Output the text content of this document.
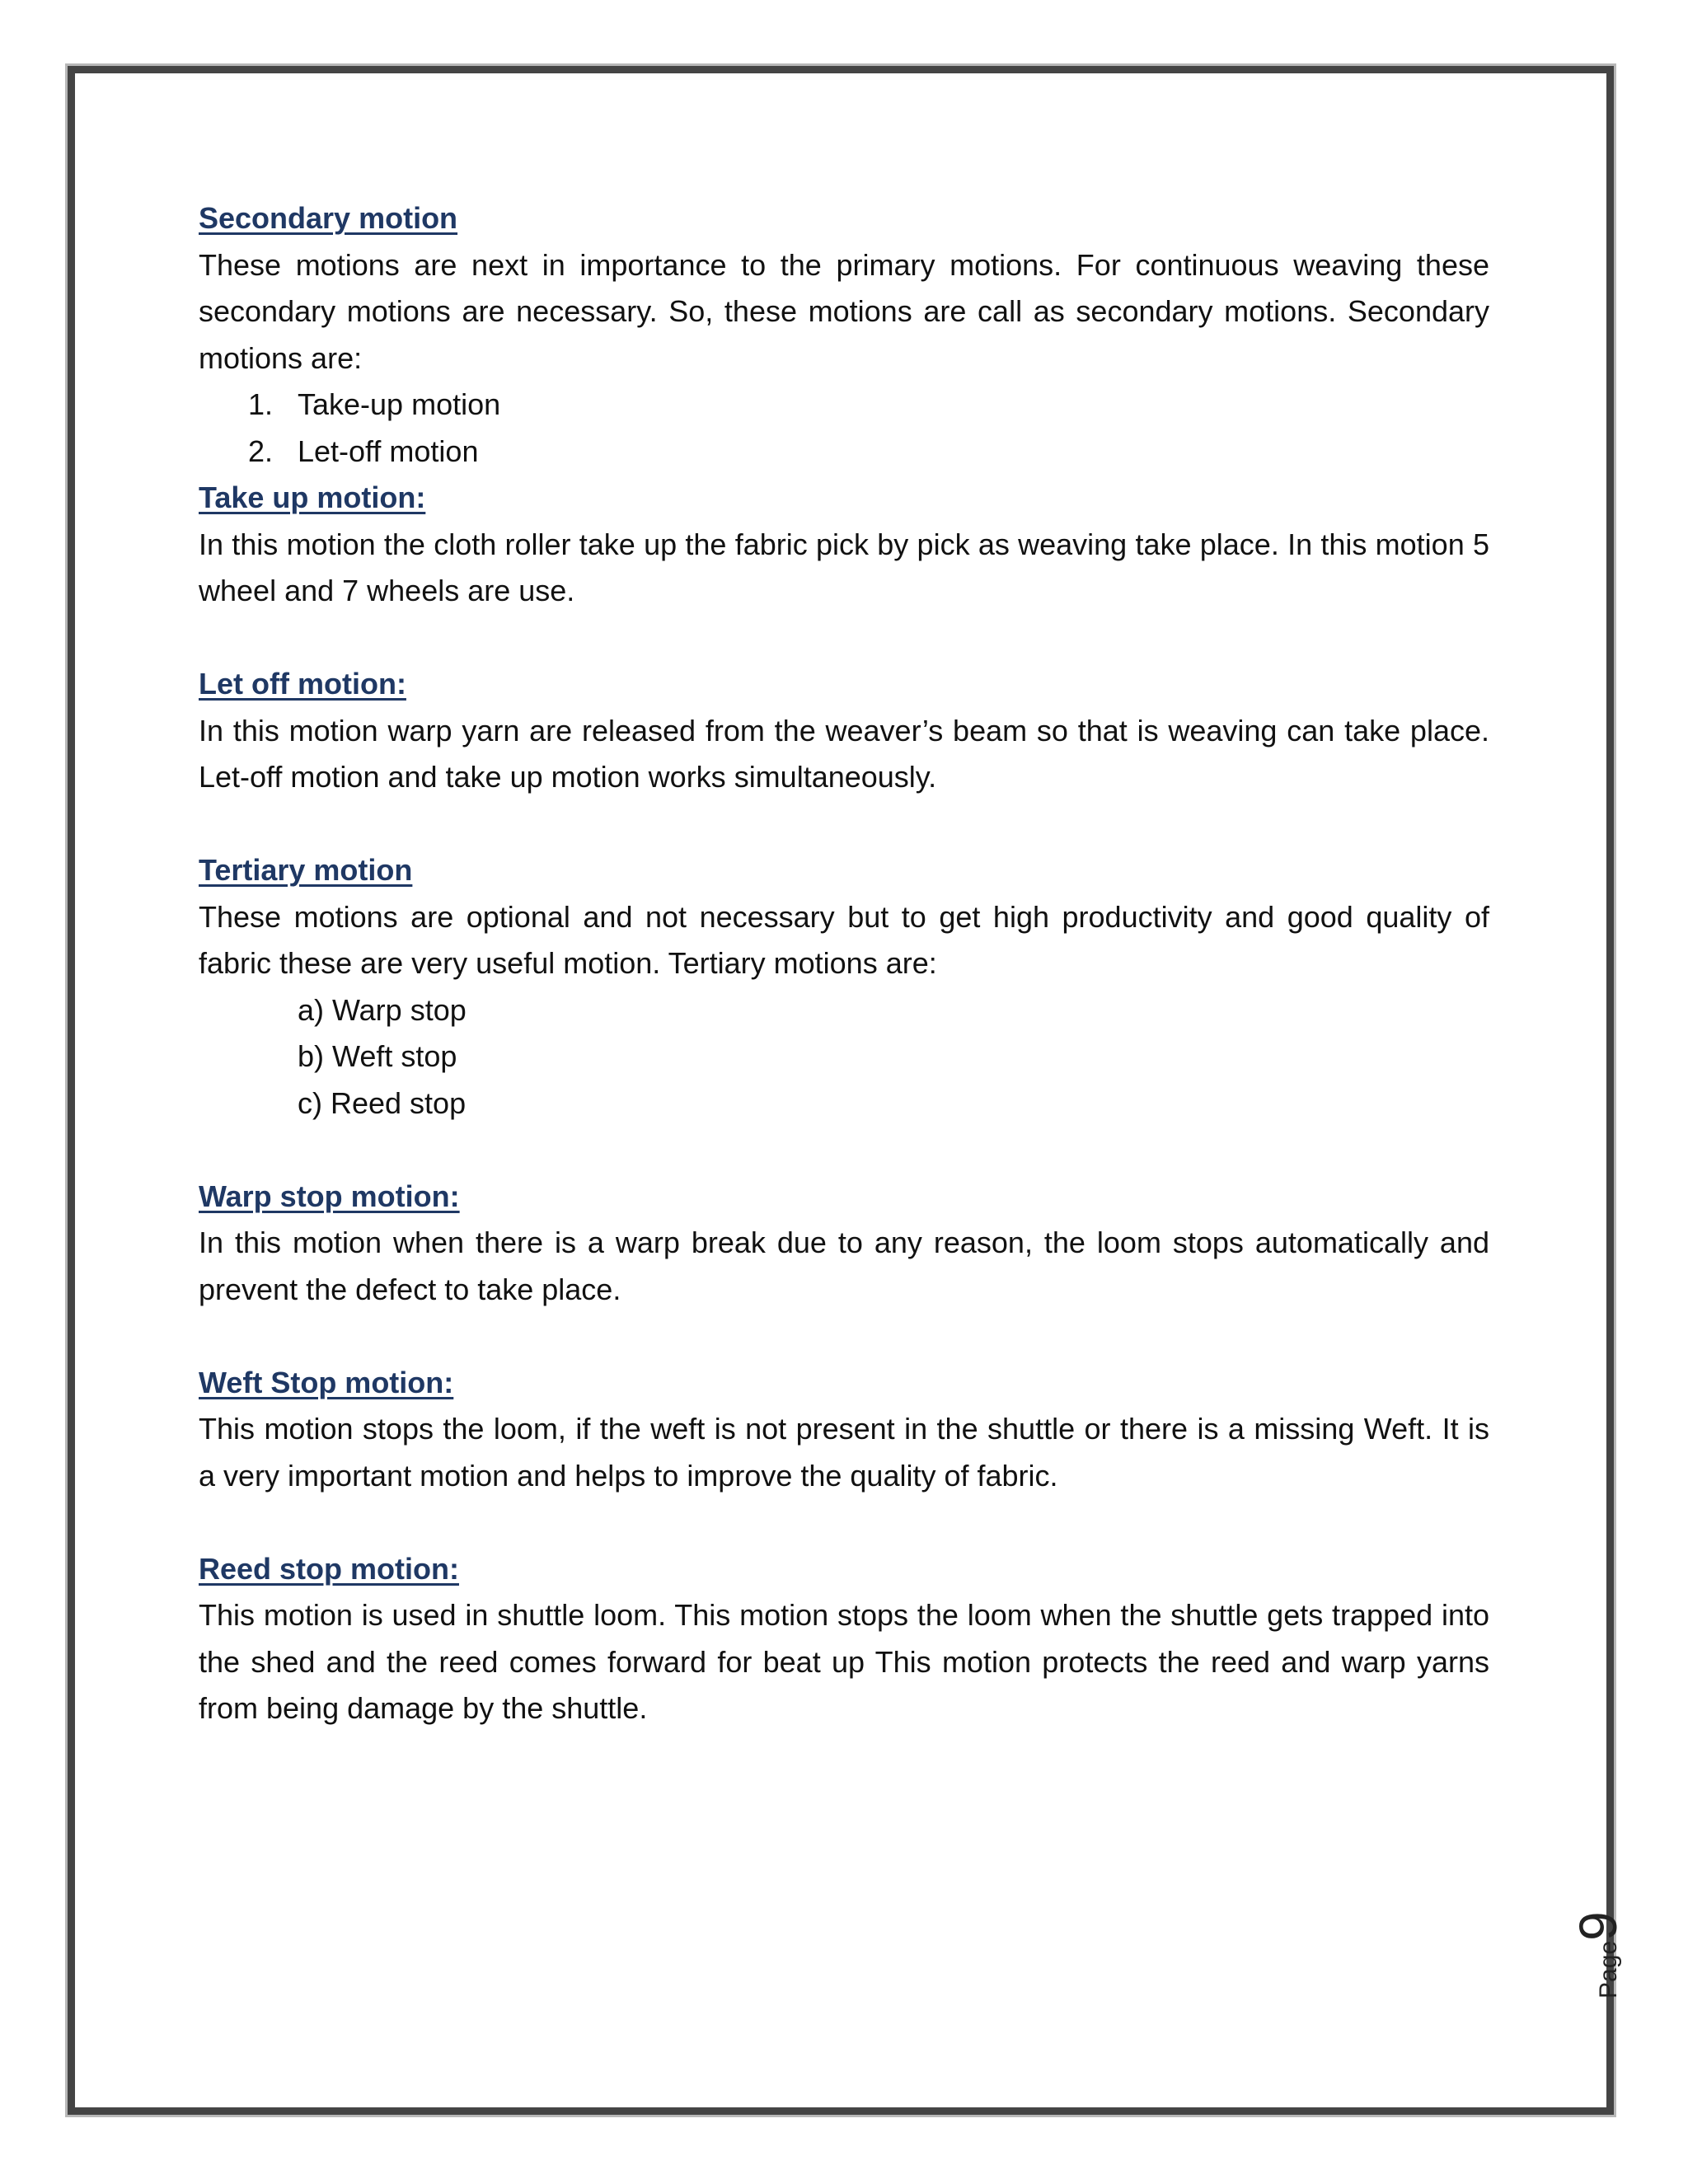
Secondary motion

These motions are next in importance to the primary motions. For continuous weaving these secondary motions are necessary. So, these motions are call as secondary motions. Secondary motions are:

1. Take-up motion
2. Let-off motion

Take up motion:

In this motion the cloth roller take up the fabric pick by pick as weaving take place. In this motion 5 wheel and 7 wheels are use.

Let off motion:

In this motion warp yarn are released from the weaver’s beam so that is weaving can take place. Let-off motion and take up motion works simultaneously.

Tertiary motion

These motions are optional and not necessary but to get high productivity and good quality of fabric these are very useful motion. Tertiary motions are:

a) Warp stop
b) Weft stop
c) Reed stop

Warp stop motion:

In this motion when there is a warp break due to any reason, the loom stops automatically and prevent the defect to take place.

Weft Stop motion:

This motion stops the loom, if the weft is not present in the shuttle or there is a missing Weft. It is a very important motion and helps to improve the quality of fabric.

Reed stop motion:

This motion is used in shuttle loom. This motion stops the loom when the shuttle gets trapped into the shed and the reed comes forward for beat up This motion protects the reed and warp yarns from being damage by the shuttle.

Page9
